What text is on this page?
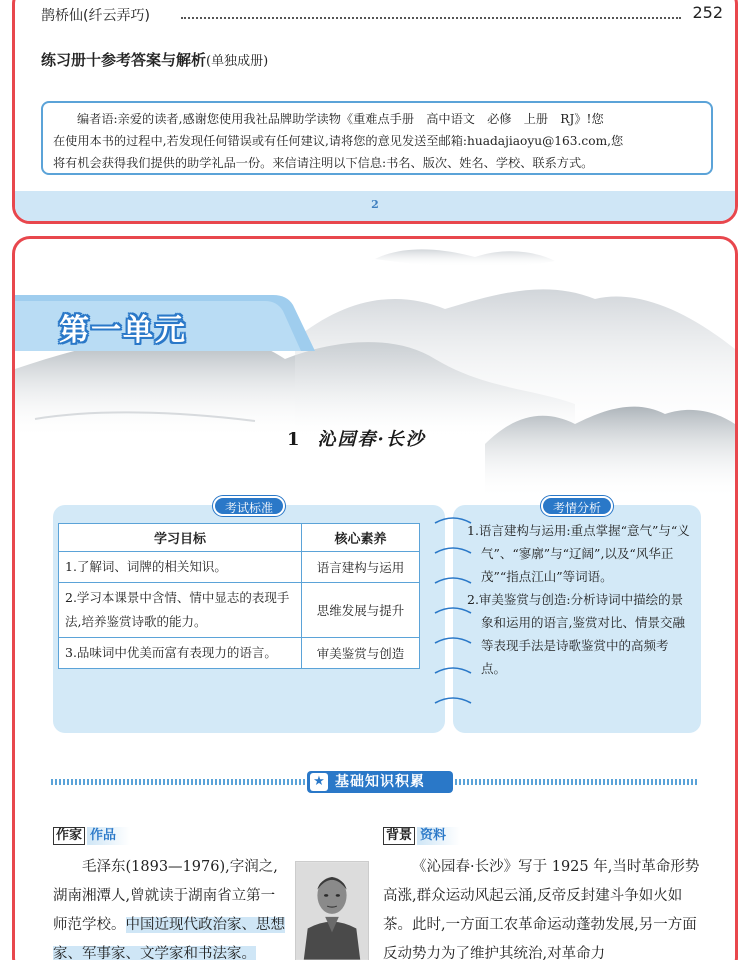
鹊桥仙(纤云弄巧)	252
练习册十参考答案与解析(单独成册)
编者语:亲爱的读者,感谢您使用我社品牌助学读物《重难点手册　高中语文　必修　上册　RJ》!您
在使用本书的过程中,若发现任何错误或有任何建议,请将您的意见发送至邮箱:huadajiaoyu@163.com,您
将有机会获得我们提供的助学礼品一份。来信请注明以下信息:书名、版次、姓名、学校、联系方式。
2
第一单元
1 沁园春·长沙
考试标准
学习目标	核心素养
1.了解词、词牌的相关知识。	语言建构与运用
2.学习本课景中含情、情中显志的表现手法,培养鉴赏诗歌的能力。	思维发展与提升
3.品味词中优美而富有表现力的语言。	审美鉴赏与创造
考情分析

1.语言建构与运用:重点掌握“意气”与“义气”、“寥廓”与“辽阔”,以及“风华正茂”“指点江山”等词语。

2.审美鉴赏与创造:分析诗词中描绘的景象和运用的语言,鉴赏对比、情景交融等表现手法是诗歌鉴赏中的高频考点。

★ 基础知识积累
作家 作品
毛泽东(1893—1976),字润之,湖南湘潭人,曾就读于湖南省立第一师范学校。中国近现代政治家、思想家、军事家、文学家和书法家。
背景 资料
《沁园春·长沙》写于 1925 年,当时革命形势高涨,群众运动风起云涌,反帝反封建斗争如火如茶。此时,一方面工农革命运动蓬勃发展,另一方面反动势力为了维护其统治,对革命力
